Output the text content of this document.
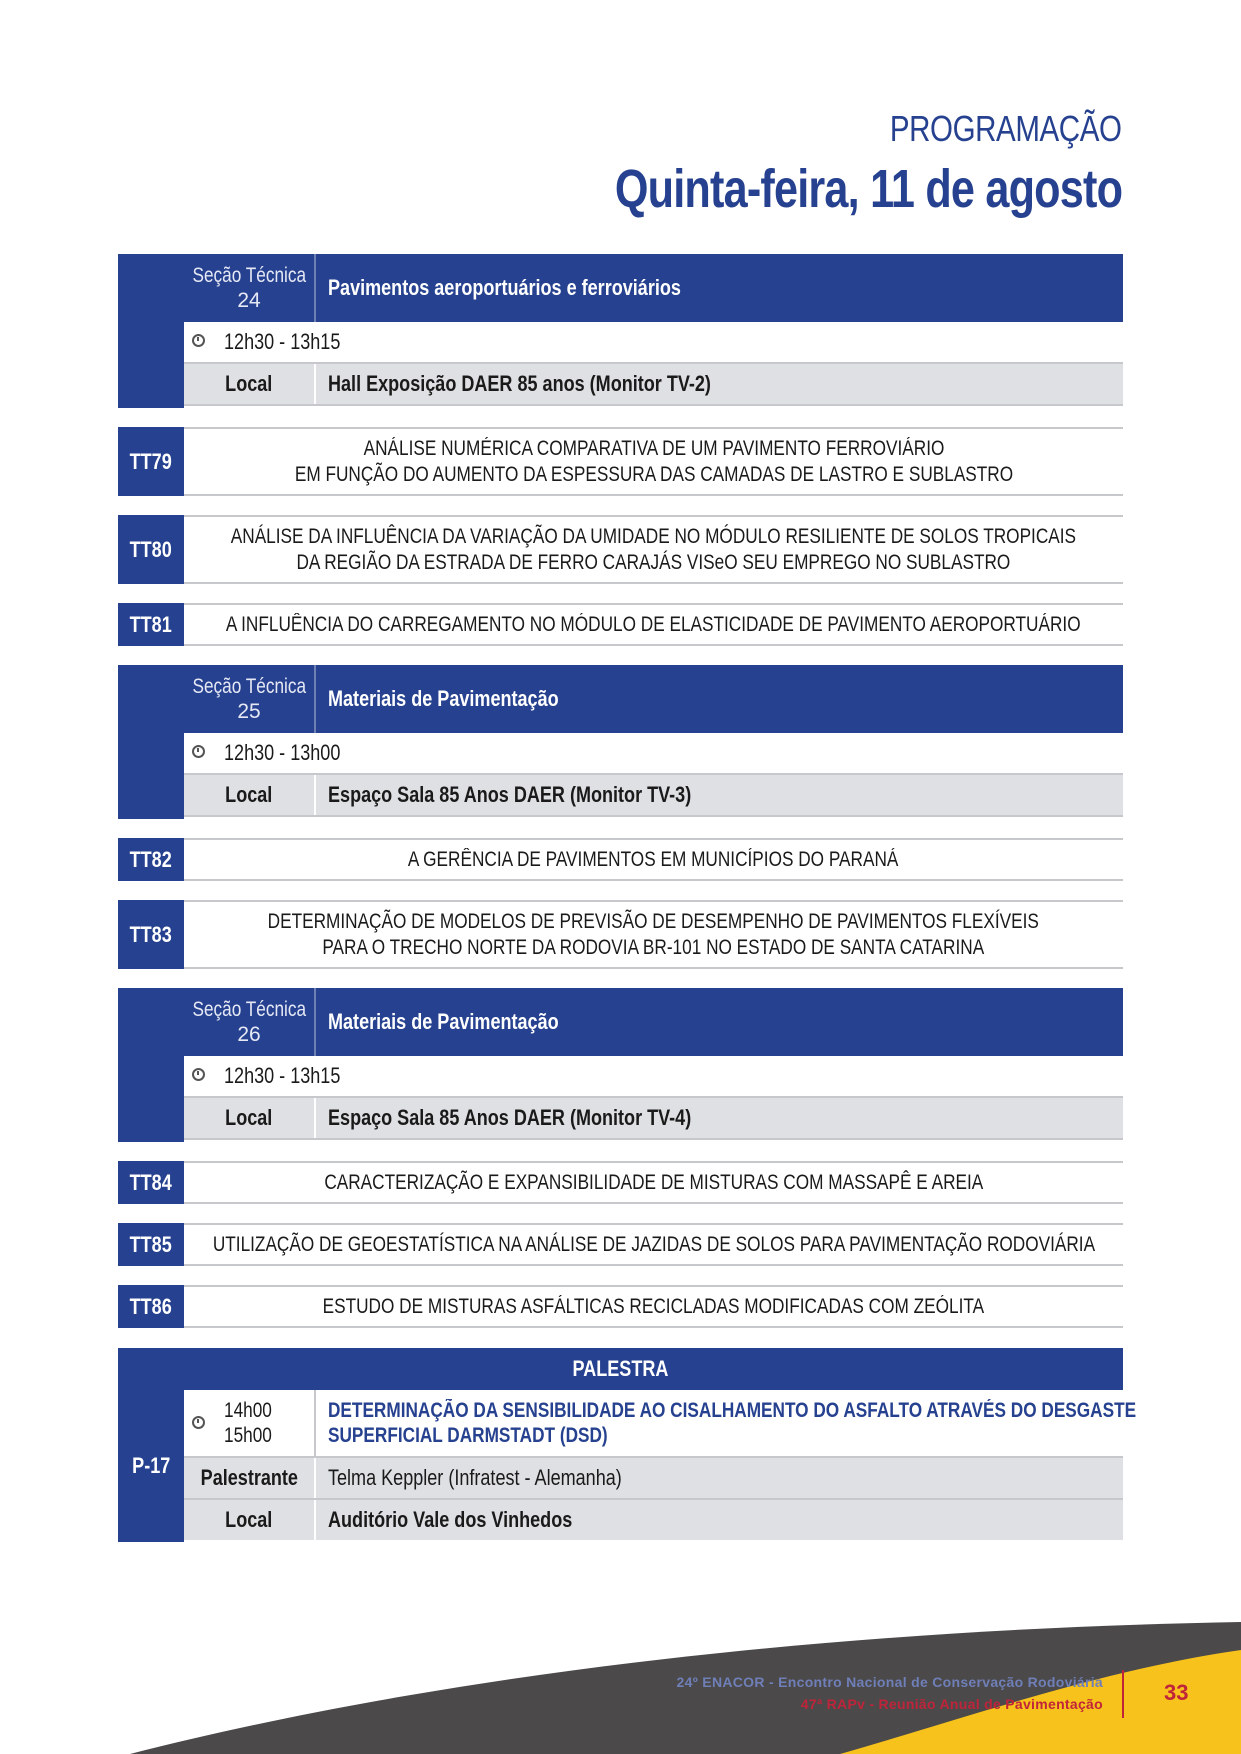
PROGRAMAÇÃO
Quinta-feira, 11 de agosto
Seção Técnica
24
Pavimentos aeroportuários e ferroviários
12h30 - 13h15
Local	Hall Exposição DAER 85 anos (Monitor TV-2)
TT79
ANÁLISE NUMÉRICA COMPARATIVA DE UM PAVIMENTO FERROVIÁRIO
EM FUNÇÃO DO AUMENTO DA ESPESSURA DAS CAMADAS DE LASTRO E SUBLASTRO
TT80
ANÁLISE DA INFLUÊNCIA DA VARIAÇÃO DA UMIDADE NO MÓDULO RESILIENTE DE SOLOS TROPICAIS
DA REGIÃO DA ESTRADA DE FERRO CARAJÁS VISeO SEU EMPREGO NO SUBLASTRO
TT81	A INFLUÊNCIA DO CARREGAMENTO NO MÓDULO DE ELASTICIDADE DE PAVIMENTO AEROPORTUÁRIO
Seção Técnica
25
Materiais de Pavimentação
12h30 - 13h00
Local	Espaço Sala 85 Anos DAER (Monitor TV-3)
TT82	A GERÊNCIA DE PAVIMENTOS EM MUNICÍPIOS DO PARANÁ
TT83
DETERMINAÇÃO DE MODELOS DE PREVISÃO DE DESEMPENHO DE PAVIMENTOS FLEXÍVEIS
PARA O TRECHO NORTE DA RODOVIA BR-101 NO ESTADO DE SANTA CATARINA
Seção Técnica
26
Materiais de Pavimentação
12h30 - 13h15
Local	Espaço Sala 85 Anos DAER (Monitor TV-4)
TT84	CARACTERIZAÇÃO E EXPANSIBILIDADE DE MISTURAS COM MASSAPÊ E AREIA
TT85 UTILIZAÇÃO DE GEOESTATÍSTICA NA ANÁLISE DE JAZIDAS DE SOLOS PARA PAVIMENTAÇÃO RODOVIÁRIA
TT86	ESTUDO DE MISTURAS ASFÁLTICAS RECICLADAS MODIFICADAS COM ZEÓLITA
PALESTRA
P-17
14h00
15h00
DETERMINAÇÃO DA SENSIBILIDADE AO CISALHAMENTO DO ASFALTO ATRAVÉS DO DESGASTE
SUPERFICIAL DARMSTADT (DSD)
Palestrante	Telma Keppler (Infratest - Alemanha)
Local	Auditório Vale dos Vinhedos
24º ENACOR - Encontro Nacional de Conservação Rodoviária
47ª RAPv - Reunião Anual de Pavimentação	33
